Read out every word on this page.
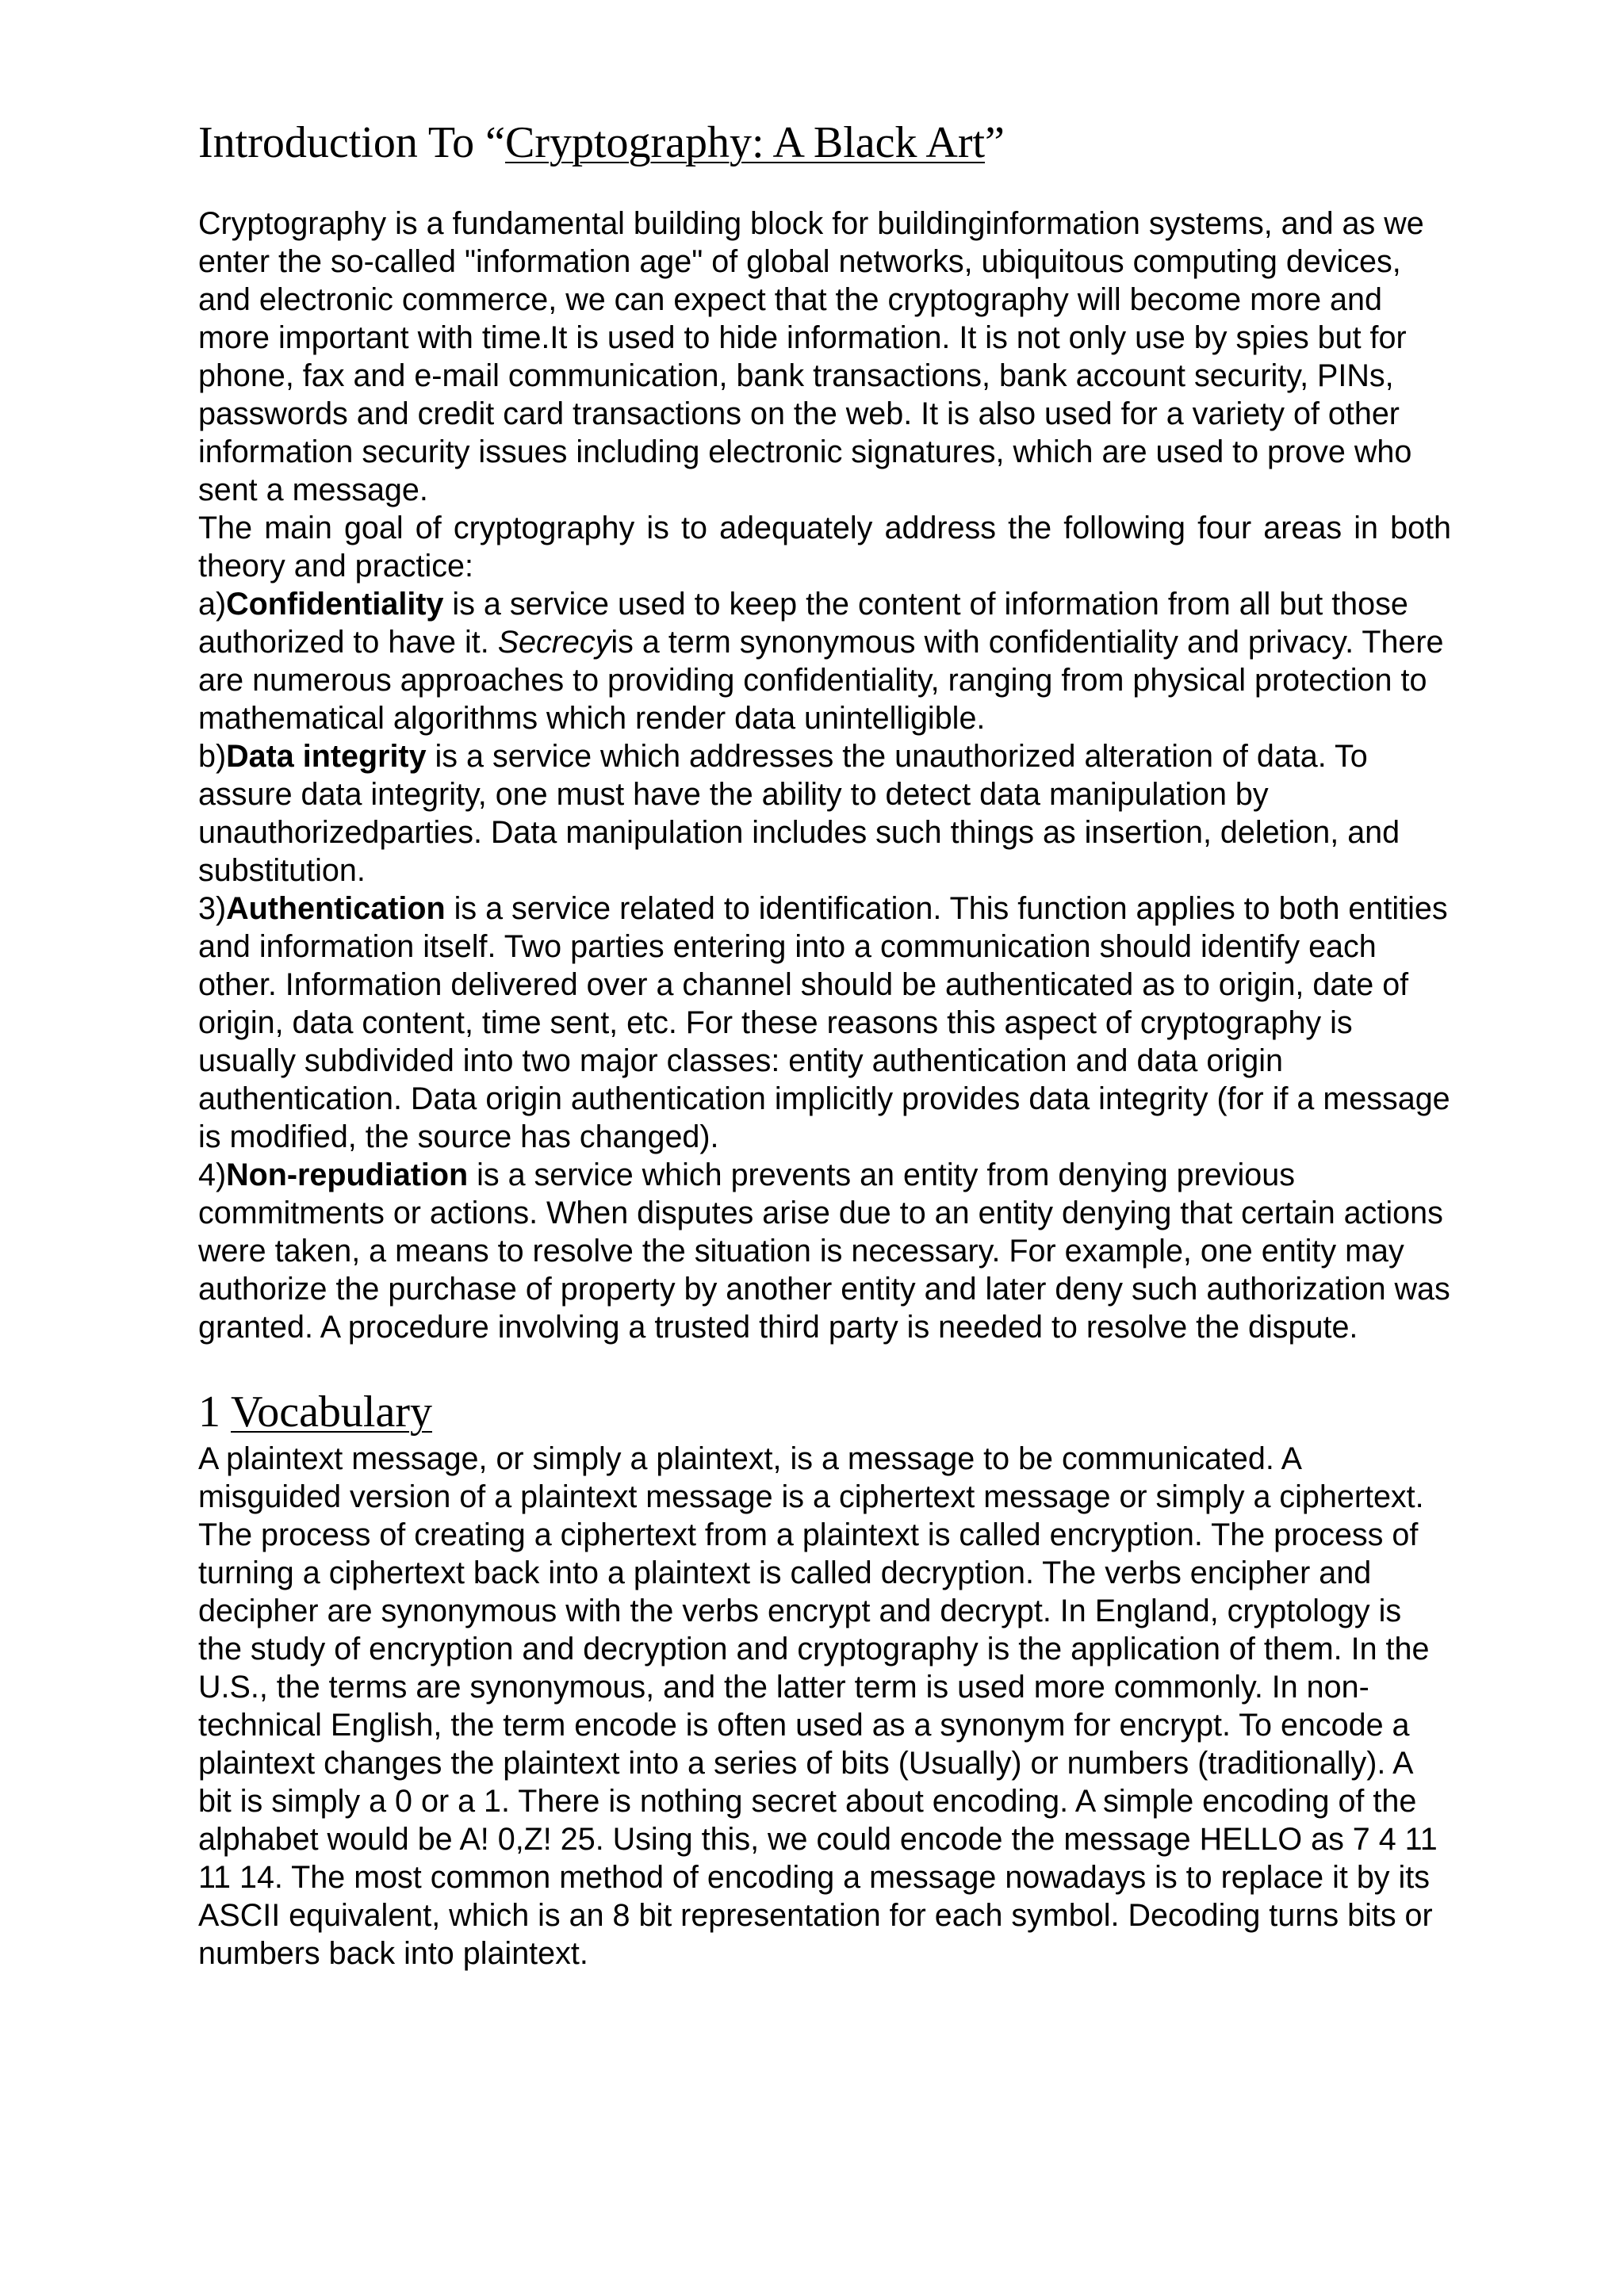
Introduction To “Cryptography: A Black Art”

Cryptography is a fundamental building block for buildinginformation systems, and as we enter the so-called "information age" of global networks, ubiquitous computing devices, and electronic commerce, we can expect that the cryptography will become more and more important with time.It is used to hide information. It is not only use by spies but for phone, fax and e-mail communication, bank transactions, bank account security, PINs, passwords and credit card transactions on the web. It is also used for a variety of other information security issues including electronic signatures, which are used to prove who sent a message.

The main goal of cryptography is to adequately address the following four areas in both theory and practice:

a)Confidentiality is a service used to keep the content of information from all but those authorized to have it. Secrecyis a term synonymous with confidentiality and privacy. There are numerous approaches to providing confidentiality, ranging from physical protection to mathematical algorithms which render data unintelligible.

b)Data integrity is a service which addresses the unauthorized alteration of data. To assure data integrity, one must have the ability to detect data manipulation by unauthorizedparties. Data manipulation includes such things as insertion, deletion, and substitution.

3)Authentication is a service related to identification. This function applies to both entities and information itself. Two parties entering into a communication should identify each other. Information delivered over a channel should be authenticated as to origin, date of origin, data content, time sent, etc. For these reasons this aspect of cryptography is usually subdivided into two major classes: entity authentication and data origin authentication. Data origin authentication implicitly provides data integrity (for if a message is modified, the source has changed).

4)Non-repudiation is a service which prevents an entity from denying previous commitments or actions. When disputes arise due to an entity denying that certain actions were taken, a means to resolve the situation is necessary. For example, one entity may authorize the purchase of property by another entity and later deny such authorization was granted. A procedure involving a trusted third party is needed to resolve the dispute.

1 Vocabulary

A plaintext message, or simply a plaintext, is a message to be communicated. A misguided version of a plaintext message is a ciphertext message or simply a ciphertext. The process of creating a ciphertext from a plaintext is called encryption. The process of turning a ciphertext back into a plaintext is called decryption. The verbs encipher and decipher are synonymous with the verbs encrypt and decrypt. In England, cryptology is the study of encryption and decryption and cryptography is the application of them. In the U.S., the terms are synonymous, and the latter term is used more commonly. In non-technical English, the term encode is often used as a synonym for encrypt. To encode a plaintext changes the plaintext into a series of bits (Usually) or numbers (traditionally). A bit is simply a 0 or a 1. There is nothing secret about encoding. A simple encoding of the alphabet would be A! 0,Z! 25. Using this, we could encode the message HELLO as 7 4 11 11 14. The most common method of encoding a message nowadays is to replace it by its ASCII equivalent, which is an 8 bit representation for each symbol. Decoding turns bits or numbers back into plaintext.
